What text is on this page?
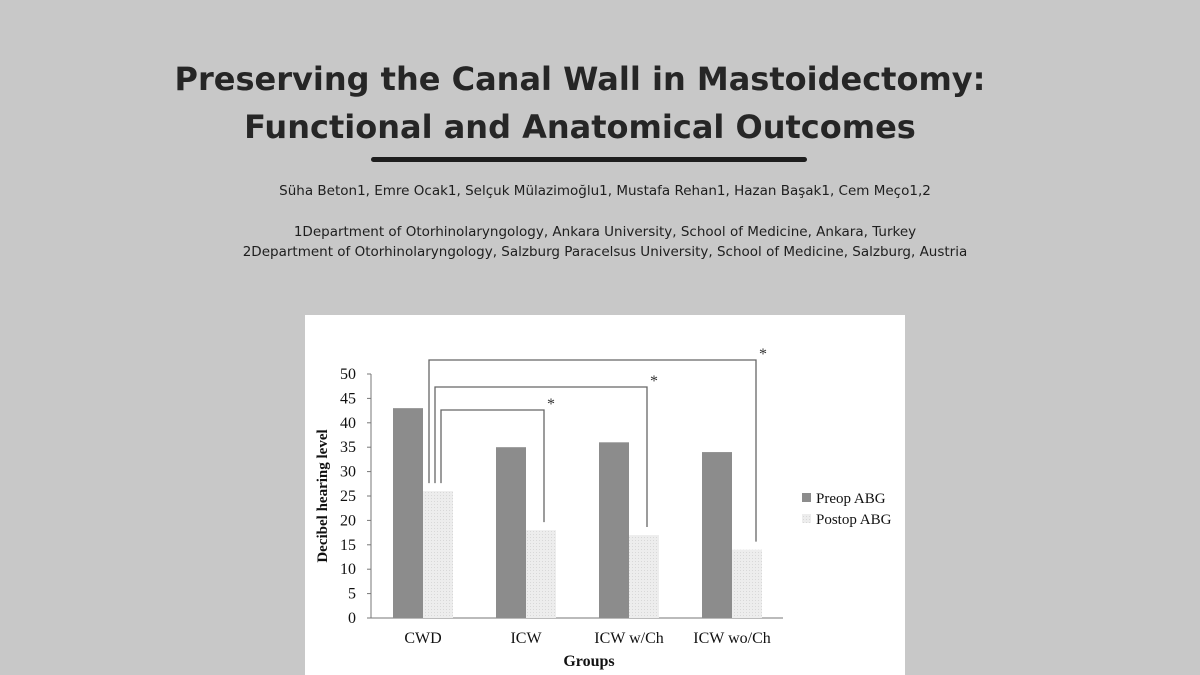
Preserving the Canal Wall in Mastoidectomy:
Functional and Anatomical Outcomes
Süha Beton1, Emre Ocak1, Selçuk Mülazimoğlu1, Mustafa Rehan1, Hazan Başak1, Cem Meço1,2
1Department of Otorhinolaryngology, Ankara University, School of Medicine, Ankara, Turkey
2Department of Otorhinolaryngology, Salzburg Paracelsus University, School of Medicine, Salzburg, Austria
*
*
*
0
5
10
15
20
25
30
35
40
45
50
CWD	ICW	ICW w/Ch ICW wo/Ch
Groups
Decibel hearing level	Preop ABG
Postop ABG
